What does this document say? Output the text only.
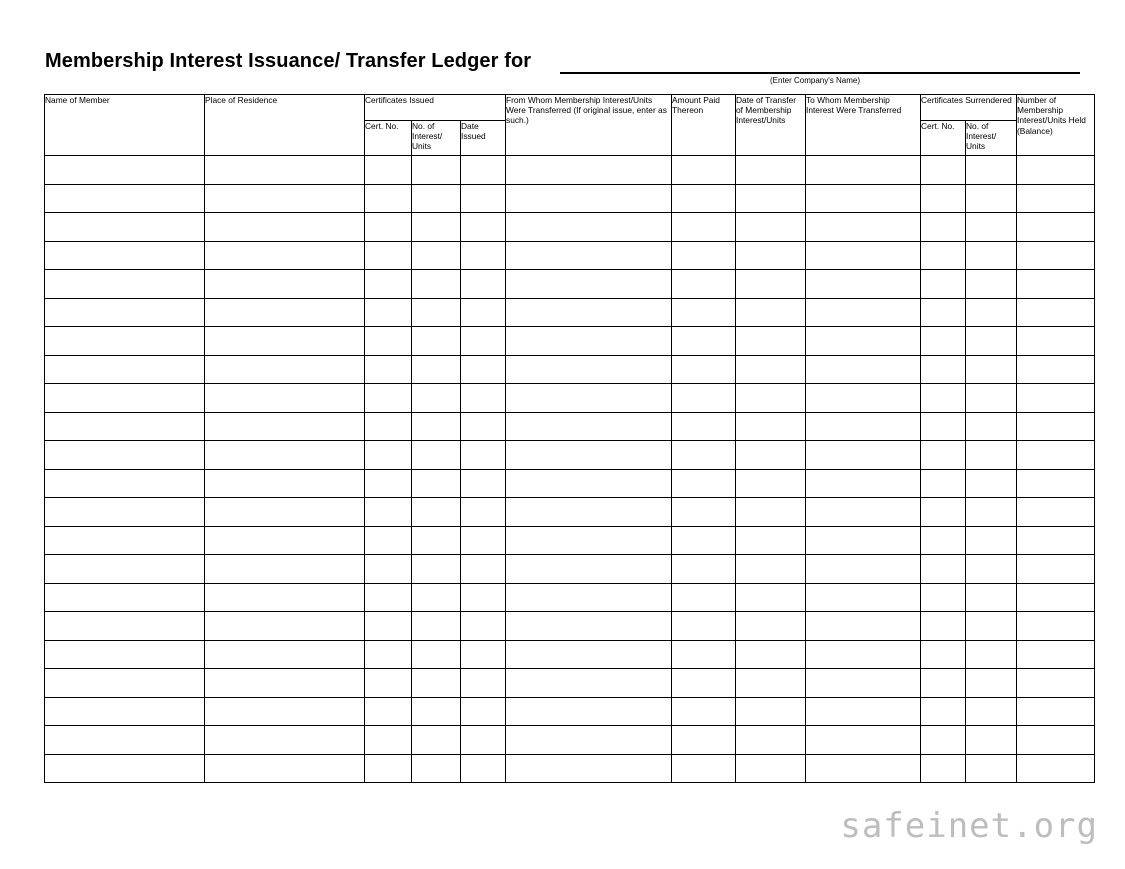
Membership Interest Issuance/ Transfer Ledger for
(Enter Company's Name)
Name of Member	Place of Residence	Certificates Issued			From Whom Membership Interest/Units Were Transferred (If original issue, enter as such.)	Amount Paid Thereon	Date of Transfer of Membership Interest/Units	To Whom Membership Interest Were Transferred	Certificates Surrendered		Number of Membership Interest/Units Held (Balance)
		Cert. No.	No. of Interest/ Units	Date Issued					Cert. No.	No. of Interest/ Units	

safeinet.org
